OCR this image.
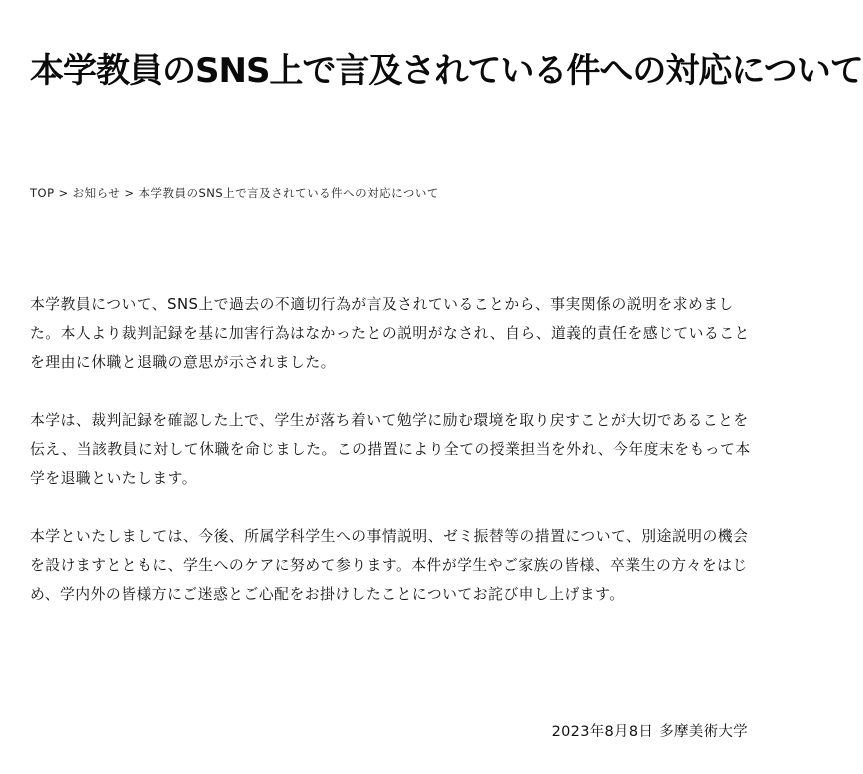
本学教員のSNS上で言及されている件への対応について
TOP > お知らせ > 本学教員のSNS上で言及されている件への対応について

本学教員について、SNS上で過去の不適切行為が言及されていることから、事実関係の説明を求めました。本人より裁判記録を基に加害行為はなかったとの説明がなされ、自ら、道義的責任を感じていることを理由に休職と退職の意思が示されました。

本学は、裁判記録を確認した上で、学生が落ち着いて勉学に励む環境を取り戻すことが大切であることを伝え、当該教員に対して休職を命じました。この措置により全ての授業担当を外れ、今年度末をもって本学を退職といたします。

本学といたしましては、今後、所属学科学生への事情説明、ゼミ振替等の措置について、別途説明の機会を設けますとともに、学生へのケアに努めて参ります。本件が学生やご家族の皆様、卒業生の方々をはじめ、学内外の皆様方にご迷惑とご心配をお掛けしたことについてお詫び申し上げます。

2023年8月8日 多摩美術大学
